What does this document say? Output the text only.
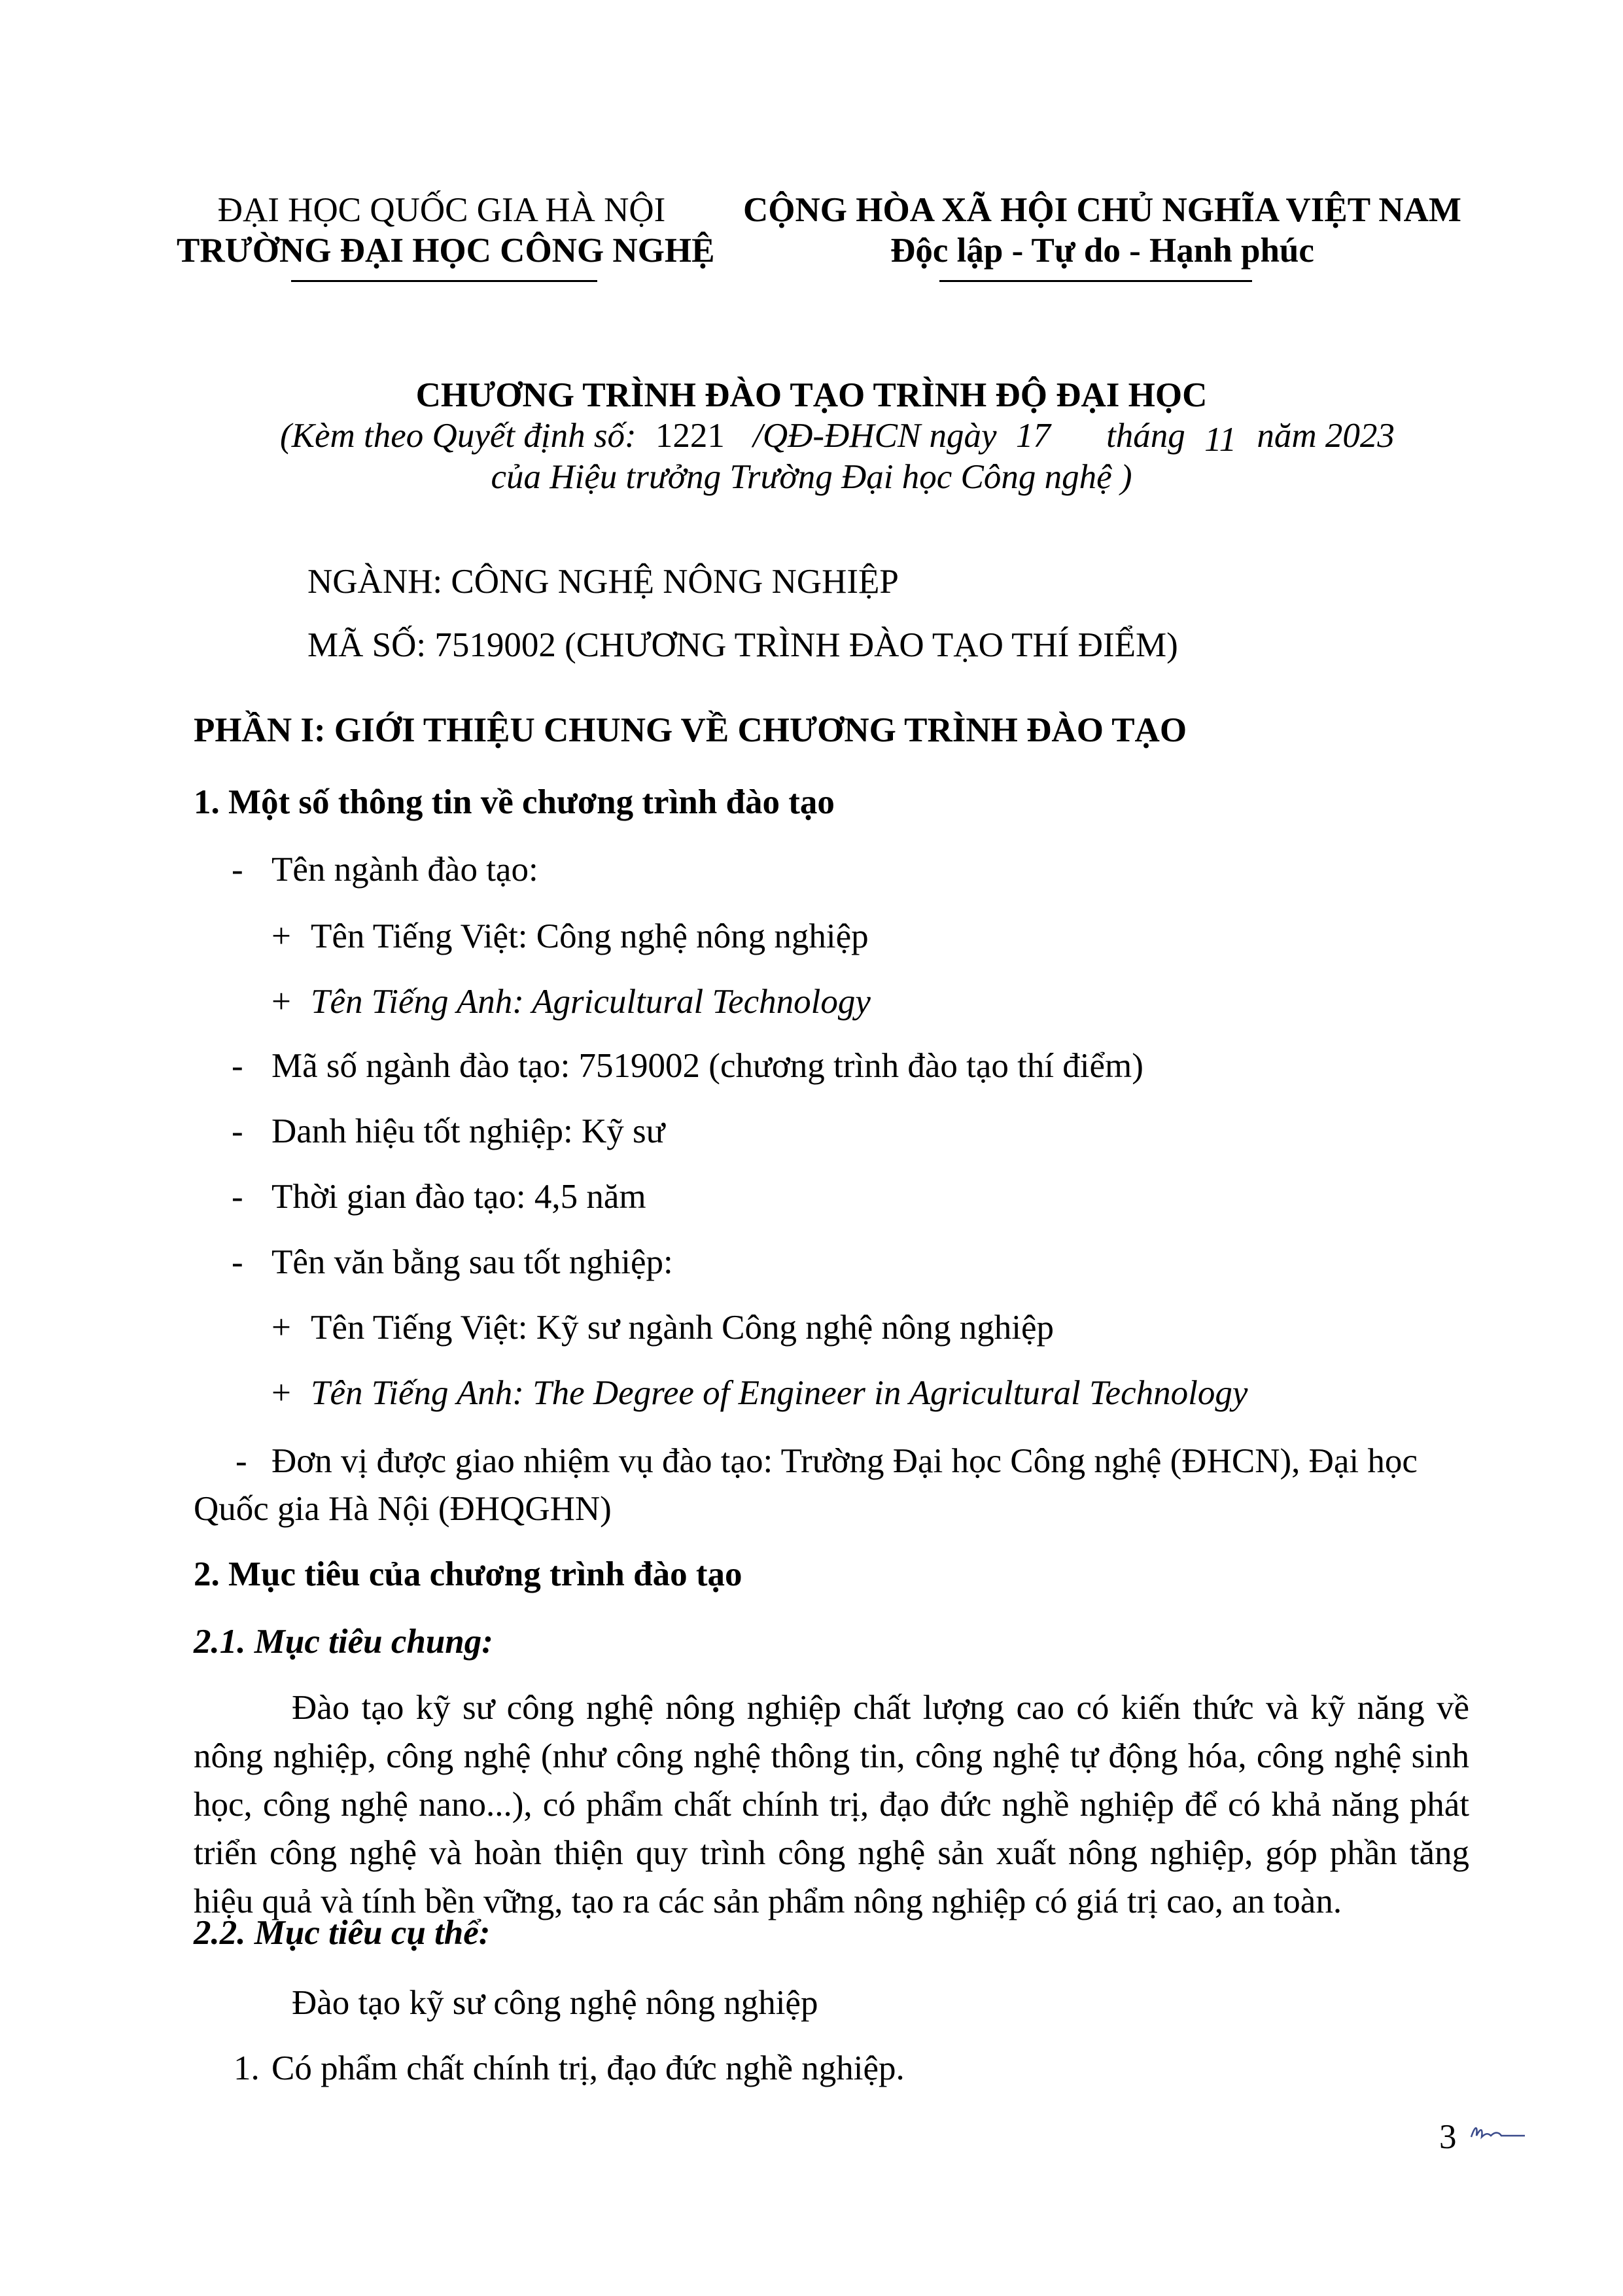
ĐẠI HỌC QUỐC GIA HÀ NỘI
TRƯỜNG ĐẠI HỌC CÔNG NGHỆ
CỘNG HÒA XÃ HỘI CHỦ NGHĨA VIỆT NAM
Độc lập - Tự do - Hạnh phúc
CHƯƠNG TRÌNH ĐÀO TẠO TRÌNH ĐỘ ĐẠI HỌC
(Kèm theo Quyết định số: 1221 /QĐ-ĐHCN ngày 17 tháng 11 năm 2023
của Hiệu trưởng Trường Đại học Công nghệ )
NGÀNH: CÔNG NGHỆ NÔNG NGHIỆP
MÃ SỐ: 7519002 (CHƯƠNG TRÌNH ĐÀO TẠO THÍ ĐIỂM)
PHẦN I: GIỚI THIỆU CHUNG VỀ CHƯƠNG TRÌNH ĐÀO TẠO
1. Một số thông tin về chương trình đào tạo
- Tên ngành đào tạo:
+ Tên Tiếng Việt: Công nghệ nông nghiệp
+ Tên Tiếng Anh: Agricultural Technology
- Mã số ngành đào tạo: 7519002 (chương trình đào tạo thí điểm)
- Danh hiệu tốt nghiệp: Kỹ sư
- Thời gian đào tạo: 4,5 năm
- Tên văn bằng sau tốt nghiệp:
+ Tên Tiếng Việt: Kỹ sư ngành Công nghệ nông nghiệp
+ Tên Tiếng Anh: The Degree of Engineer in Agricultural Technology
- Đơn vị được giao nhiệm vụ đào tạo: Trường Đại học Công nghệ (ĐHCN), Đại học
Quốc gia Hà Nội (ĐHQGHN)
2. Mục tiêu của chương trình đào tạo
2.1. Mục tiêu chung:
Đào tạo kỹ sư công nghệ nông nghiệp chất lượng cao có kiến thức và kỹ năng về nông nghiệp, công nghệ (như công nghệ thông tin, công nghệ tự động hóa, công nghệ sinh học, công nghệ nano...), có phẩm chất chính trị, đạo đức nghề nghiệp để có khả năng phát triển công nghệ và hoàn thiện quy trình công nghệ sản xuất nông nghiệp, góp phần tăng hiệu quả và tính bền vững, tạo ra các sản phẩm nông nghiệp có giá trị cao, an toàn.
2.2. Mục tiêu cụ thể:
Đào tạo kỹ sư công nghệ nông nghiệp
1. Có phẩm chất chính trị, đạo đức nghề nghiệp.
3
